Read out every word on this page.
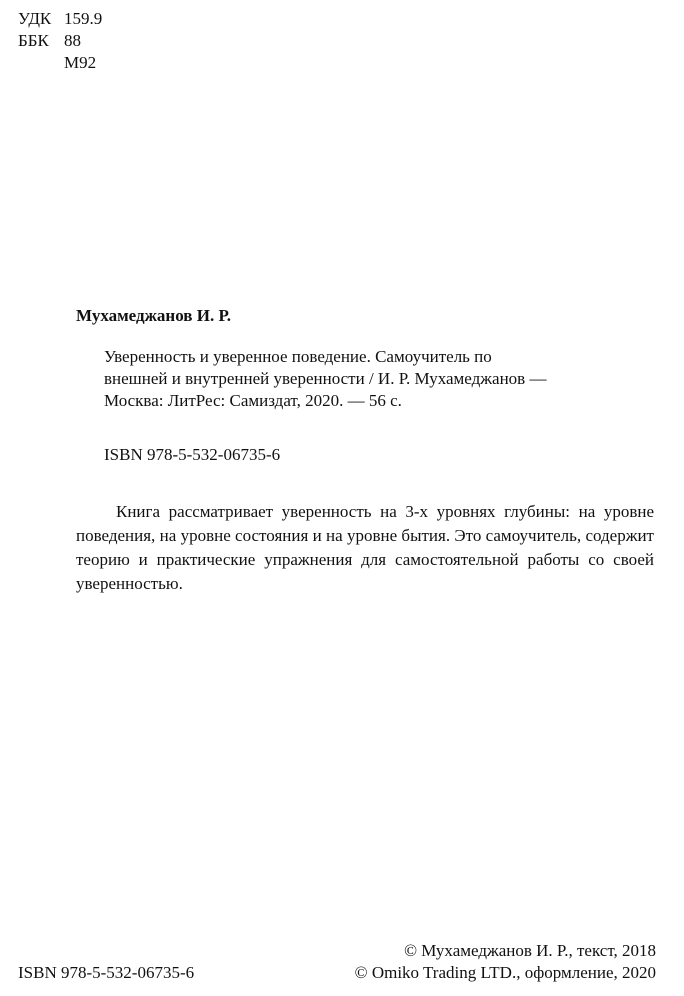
УДК 159.9
ББК 88
М92
Мухамеджанов И. Р.
Уверенность и уверенное поведение. Самоучитель по
внешней и внутренней уверенности / И. Р. Мухамеджанов —
Москва: ЛитРес: Самиздат, 2020. — 56 с.
ISBN 978-5-532-06735-6
Книга рассматривает уверенность на 3-х уровнях глубины: на уровне поведения, на уровне состояния и на уровне бытия. Это самоучитель, содержит теорию и практические упражнения для самостоятельной работы со своей уверенностью.
ISBN 978-5-532-06735-6
© Мухамеджанов И. Р., текст, 2018
© Omiko Trading LTD., оформление, 2020
